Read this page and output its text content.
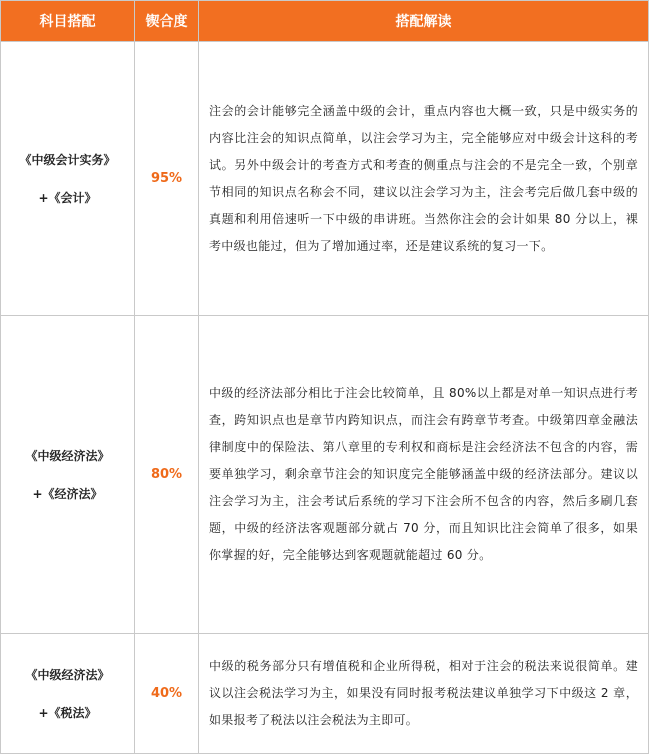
科目搭配	锲合度	搭配解读

《中级会计实务》
+《会计》	95%	注会的会计能够完全涵盖中级的会计，重点内容也大概一致，只是中级实务的内容比注会的知识点简单，以注会学习为主，完全能够应对中级会计这科的考试。另外中级会计的考查方式和考查的侧重点与注会的不是完全一致，个别章节相同的知识点名称会不同，建议以注会学习为主，注会考完后做几套中级的真题和利用倍速听一下中级的串讲班。当然你注会的会计如果 80 分以上，裸考中级也能过，但为了增加通过率，还是建议系统的复习一下。

《中级经济法》
+《经济法》	80%	中级的经济法部分相比于注会比较简单，且 80%以上都是对单一知识点进行考查，跨知识点也是章节内跨知识点，而注会有跨章节考查。中级第四章金融法律制度中的保险法、第八章里的专利权和商标是注会经济法不包含的内容，需要单独学习，剩余章节注会的知识度完全能够涵盖中级的经济法部分。建议以注会学习为主，注会考试后系统的学习下注会所不包含的内容，然后多刷几套题，中级的经济法客观题部分就占 70 分，而且知识比注会简单了很多，如果你掌握的好，完全能够达到客观题就能超过 60 分。

《中级经济法》
+《税法》	40%	中级的税务部分只有增值税和企业所得税，相对于注会的税法来说很简单。建议以注会税法学习为主，如果没有同时报考税法建议单独学习下中级这 2 章，如果报考了税法以注会税法为主即可。
